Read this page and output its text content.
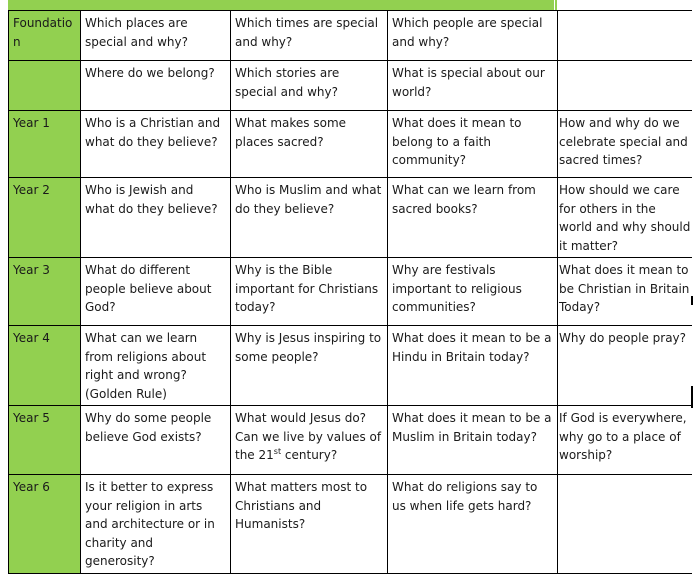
Foundation	Which places are special and why?	Which times are special and why?	Which people are special and why?	
	Where do we belong?	Which stories are special and why?	What is special about our world?	
Year 1	Who is a Christian and what do they believe?	What makes some places sacred?	What does it mean to belong to a faith community?	How and why do we celebrate special and sacred times?
Year 2	Who is Jewish and what do they believe?	Who is Muslim and what do they believe?	What can we learn from sacred books?	How should we care for others in the world and why should it matter?
Year 3	What do different people believe about God?	Why is the Bible important for Christians today?	Why are festivals important to religious communities?	What does it mean to be Christian in Britain Today?
Year 4	What can we learn from religions about right and wrong? (Golden Rule)	Why is Jesus inspiring to some people?	What does it mean to be a Hindu in Britain today?	Why do people pray?
Year 5	Why do some people believe God exists?	What would Jesus do? Can we live by values of the 21st century?	What does it mean to be a Muslim in Britain today?	If God is everywhere, why go to a place of worship?
Year 6	Is it better to express your religion in arts and architecture or in charity and generosity?	What matters most to Christians and Humanists?	What do religions say to us when life gets hard?	
